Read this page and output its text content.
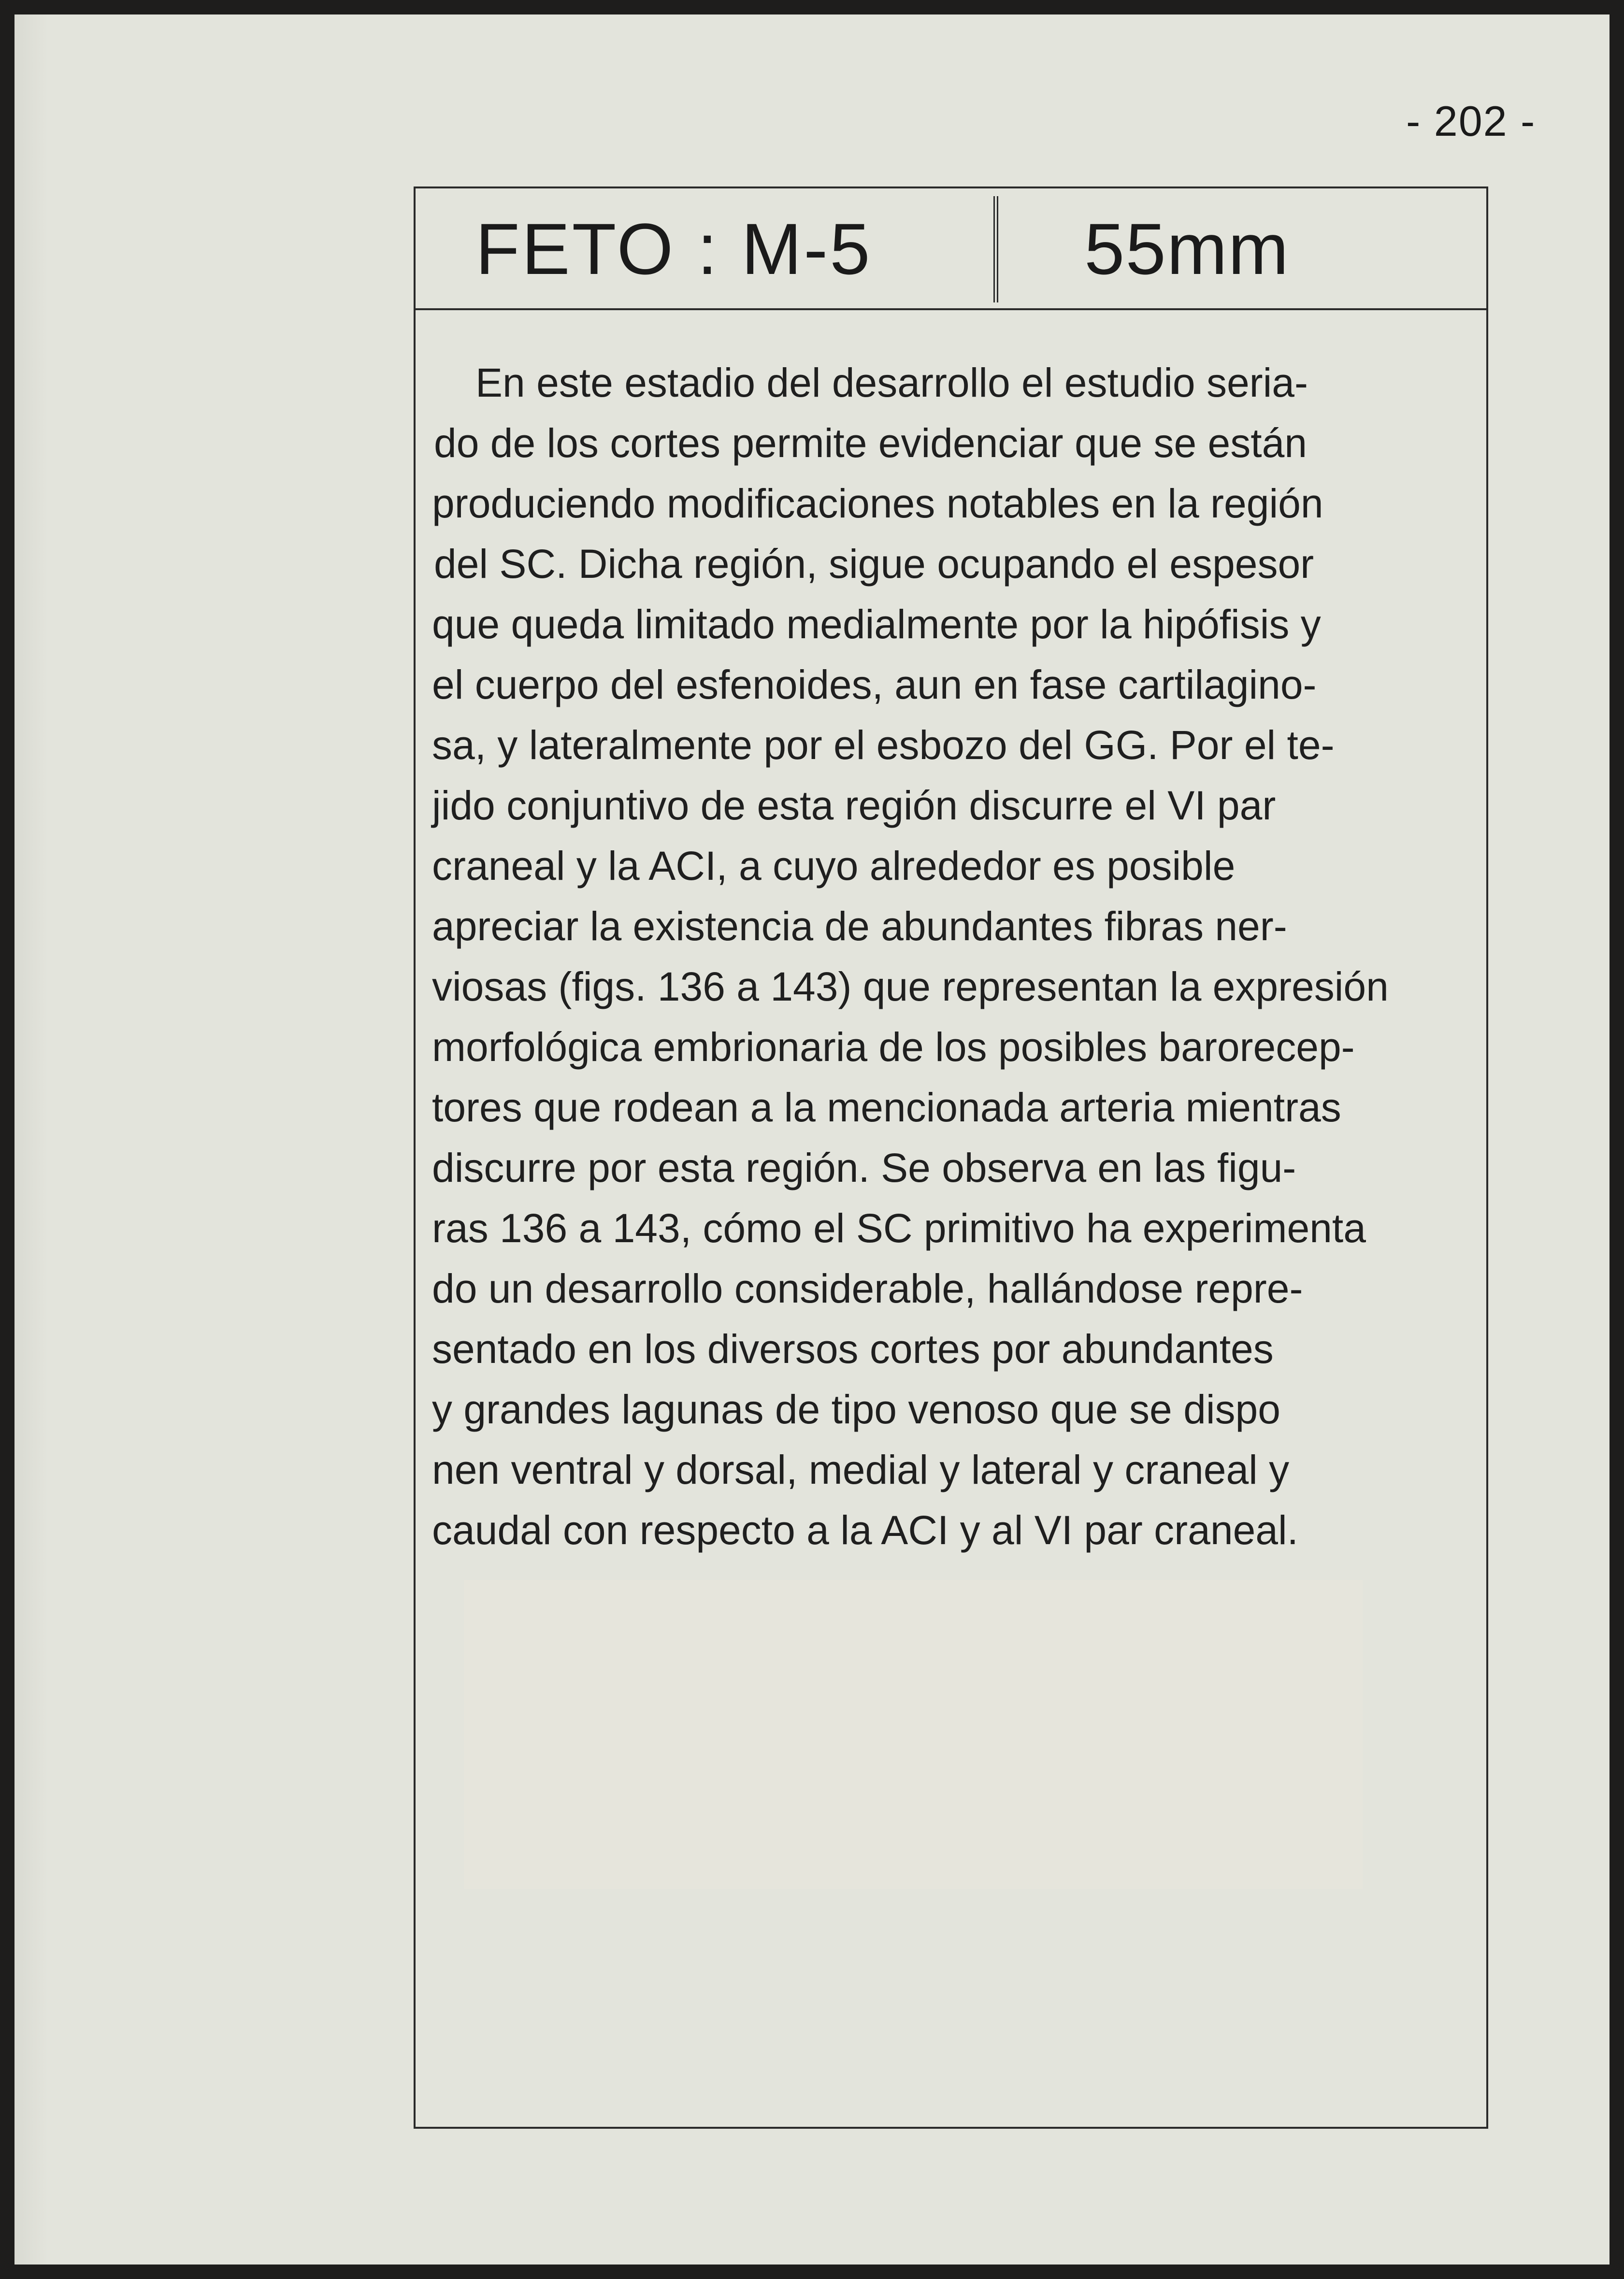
- 202 -
FETO : M-5	55mm
En este estadio del desarrollo el estudio seria-
do de los cortes permite evidenciar que se están
produciendo modificaciones notables en la región
del SC. Dicha región, sigue ocupando el espesor
que queda limitado medialmente por la hipófisis y
el cuerpo del esfenoides, aun en fase cartilagino-
sa, y lateralmente por el esbozo del GG. Por el te-
jido conjuntivo de esta región discurre el VI par
craneal y la ACI, a cuyo alrededor es posible
apreciar la existencia de abundantes fibras ner-
viosas (figs. 136 a 143) que representan la expresión
morfológica embrionaria de los posibles barorecep-
tores que rodean a la mencionada arteria mientras
discurre por esta región. Se observa en las figu-
ras 136 a 143, cómo el SC primitivo ha experimenta
do un desarrollo considerable, hallándose repre-
sentado en los diversos cortes por abundantes
y grandes lagunas de tipo venoso que se dispo
nen ventral y dorsal, medial y lateral y craneal y
caudal con respecto a la ACI y al VI par craneal.
